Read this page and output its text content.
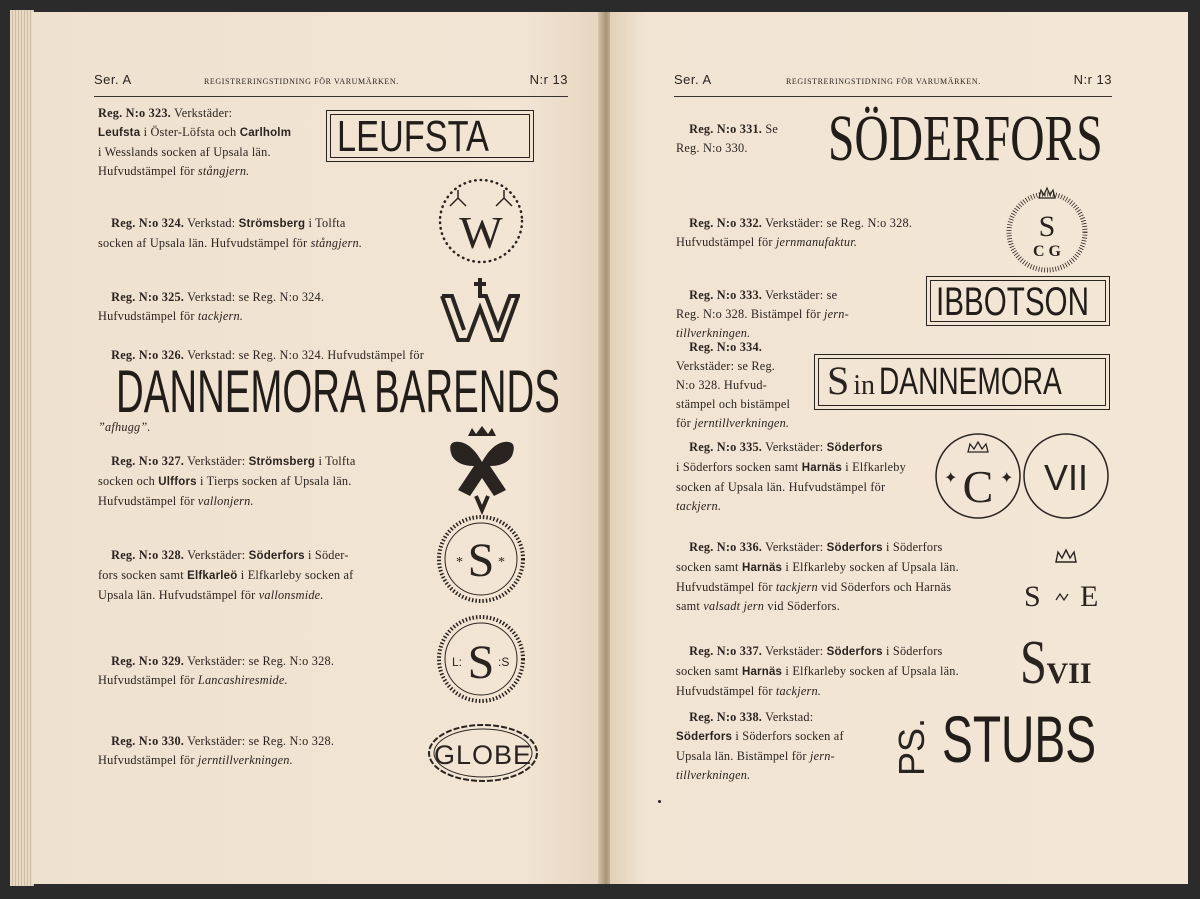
Ser. A	REGISTRERINGSTIDNING FÖR VARUMÄRKEN.	N:r 13
Reg. N:o 323. Verkstäder:
Leufsta i Öster-Löfsta och Carlholm
i Wesslands socken af Upsala län.
Hufvudstämpel för stångjern.
LEUFSTA
Reg. N:o 324. Verkstad: Strömsberg i Tolfta
socken af Upsala län. Hufvudstämpel för stångjern.	W
Reg. N:o 325. Verkstad: se Reg. N:o 324.
Hufvudstämpel för tackjern.
Reg. N:o 326. Verkstad: se Reg. N:o 324. Hufvudstämpel för
DANNEMORA BARENDS
”afhugg”.
Reg. N:o 327. Verkstäder: Strömsberg i Tolfta
socken och Ulffors i Tierps socken af Upsala län.
Hufvudstämpel för vallonjern.
Reg. N:o 328. Verkstäder: Söderfors i Söder-
fors socken samt Elfkarleö i Elfkarleby socken af
Upsala län. Hufvudstämpel för vallonsmide.
S
*	*
Reg. N:o 329. Verkstäder: se Reg. N:o 328.
Hufvudstämpel för Lancashiresmide.
L: S :S
Reg. N:o 330. Verkstäder: se Reg. N:o 328.
Hufvudstämpel för jerntillverkningen.	GLOBE
Ser. A	REGISTRERINGSTIDNING FÖR VARUMÄRKEN.	N:r 13
Reg. N:o 331. Se
Reg. N:o 330.	SÖDERFORS
Reg. N:o 332. Verkstäder: se Reg. N:o 328.
Hufvudstämpel för jernmanufaktur.	S
C G
Reg. N:o 333. Verkstäder: se
Reg. N:o 328. Bistämpel för jern-
tillverkningen.
IBBOTSON
Reg. N:o 334.
Verkstäder: se Reg.
N:o 328. Hufvud-
stämpel och bistämpel
för jerntillverkningen.
S in DANNEMORA
Reg. N:o 335. Verkstäder: Söderfors
i Söderfors socken samt Harnäs i Elfkarleby
socken af Upsala län. Hufvudstämpel för
tackjern.	C
✦	✦ VII
Reg. N:o 336. Verkstäder: Söderfors i Söderfors
socken samt Harnäs i Elfkarleby socken af Upsala län.
Hufvudstämpel för tackjern vid Söderfors och Harnäs
samt valsadt jern vid Söderfors.	S E
Reg. N:o 337. Verkstäder: Söderfors i Söderfors
socken samt Harnäs i Elfkarleby socken af Upsala län.
Hufvudstämpel för tackjern.	SVII
Reg. N:o 338. Verkstad:
Söderfors i Söderfors socken af
Upsala län. Bistämpel för jern-
tillverkningen.	PS. STUBS
